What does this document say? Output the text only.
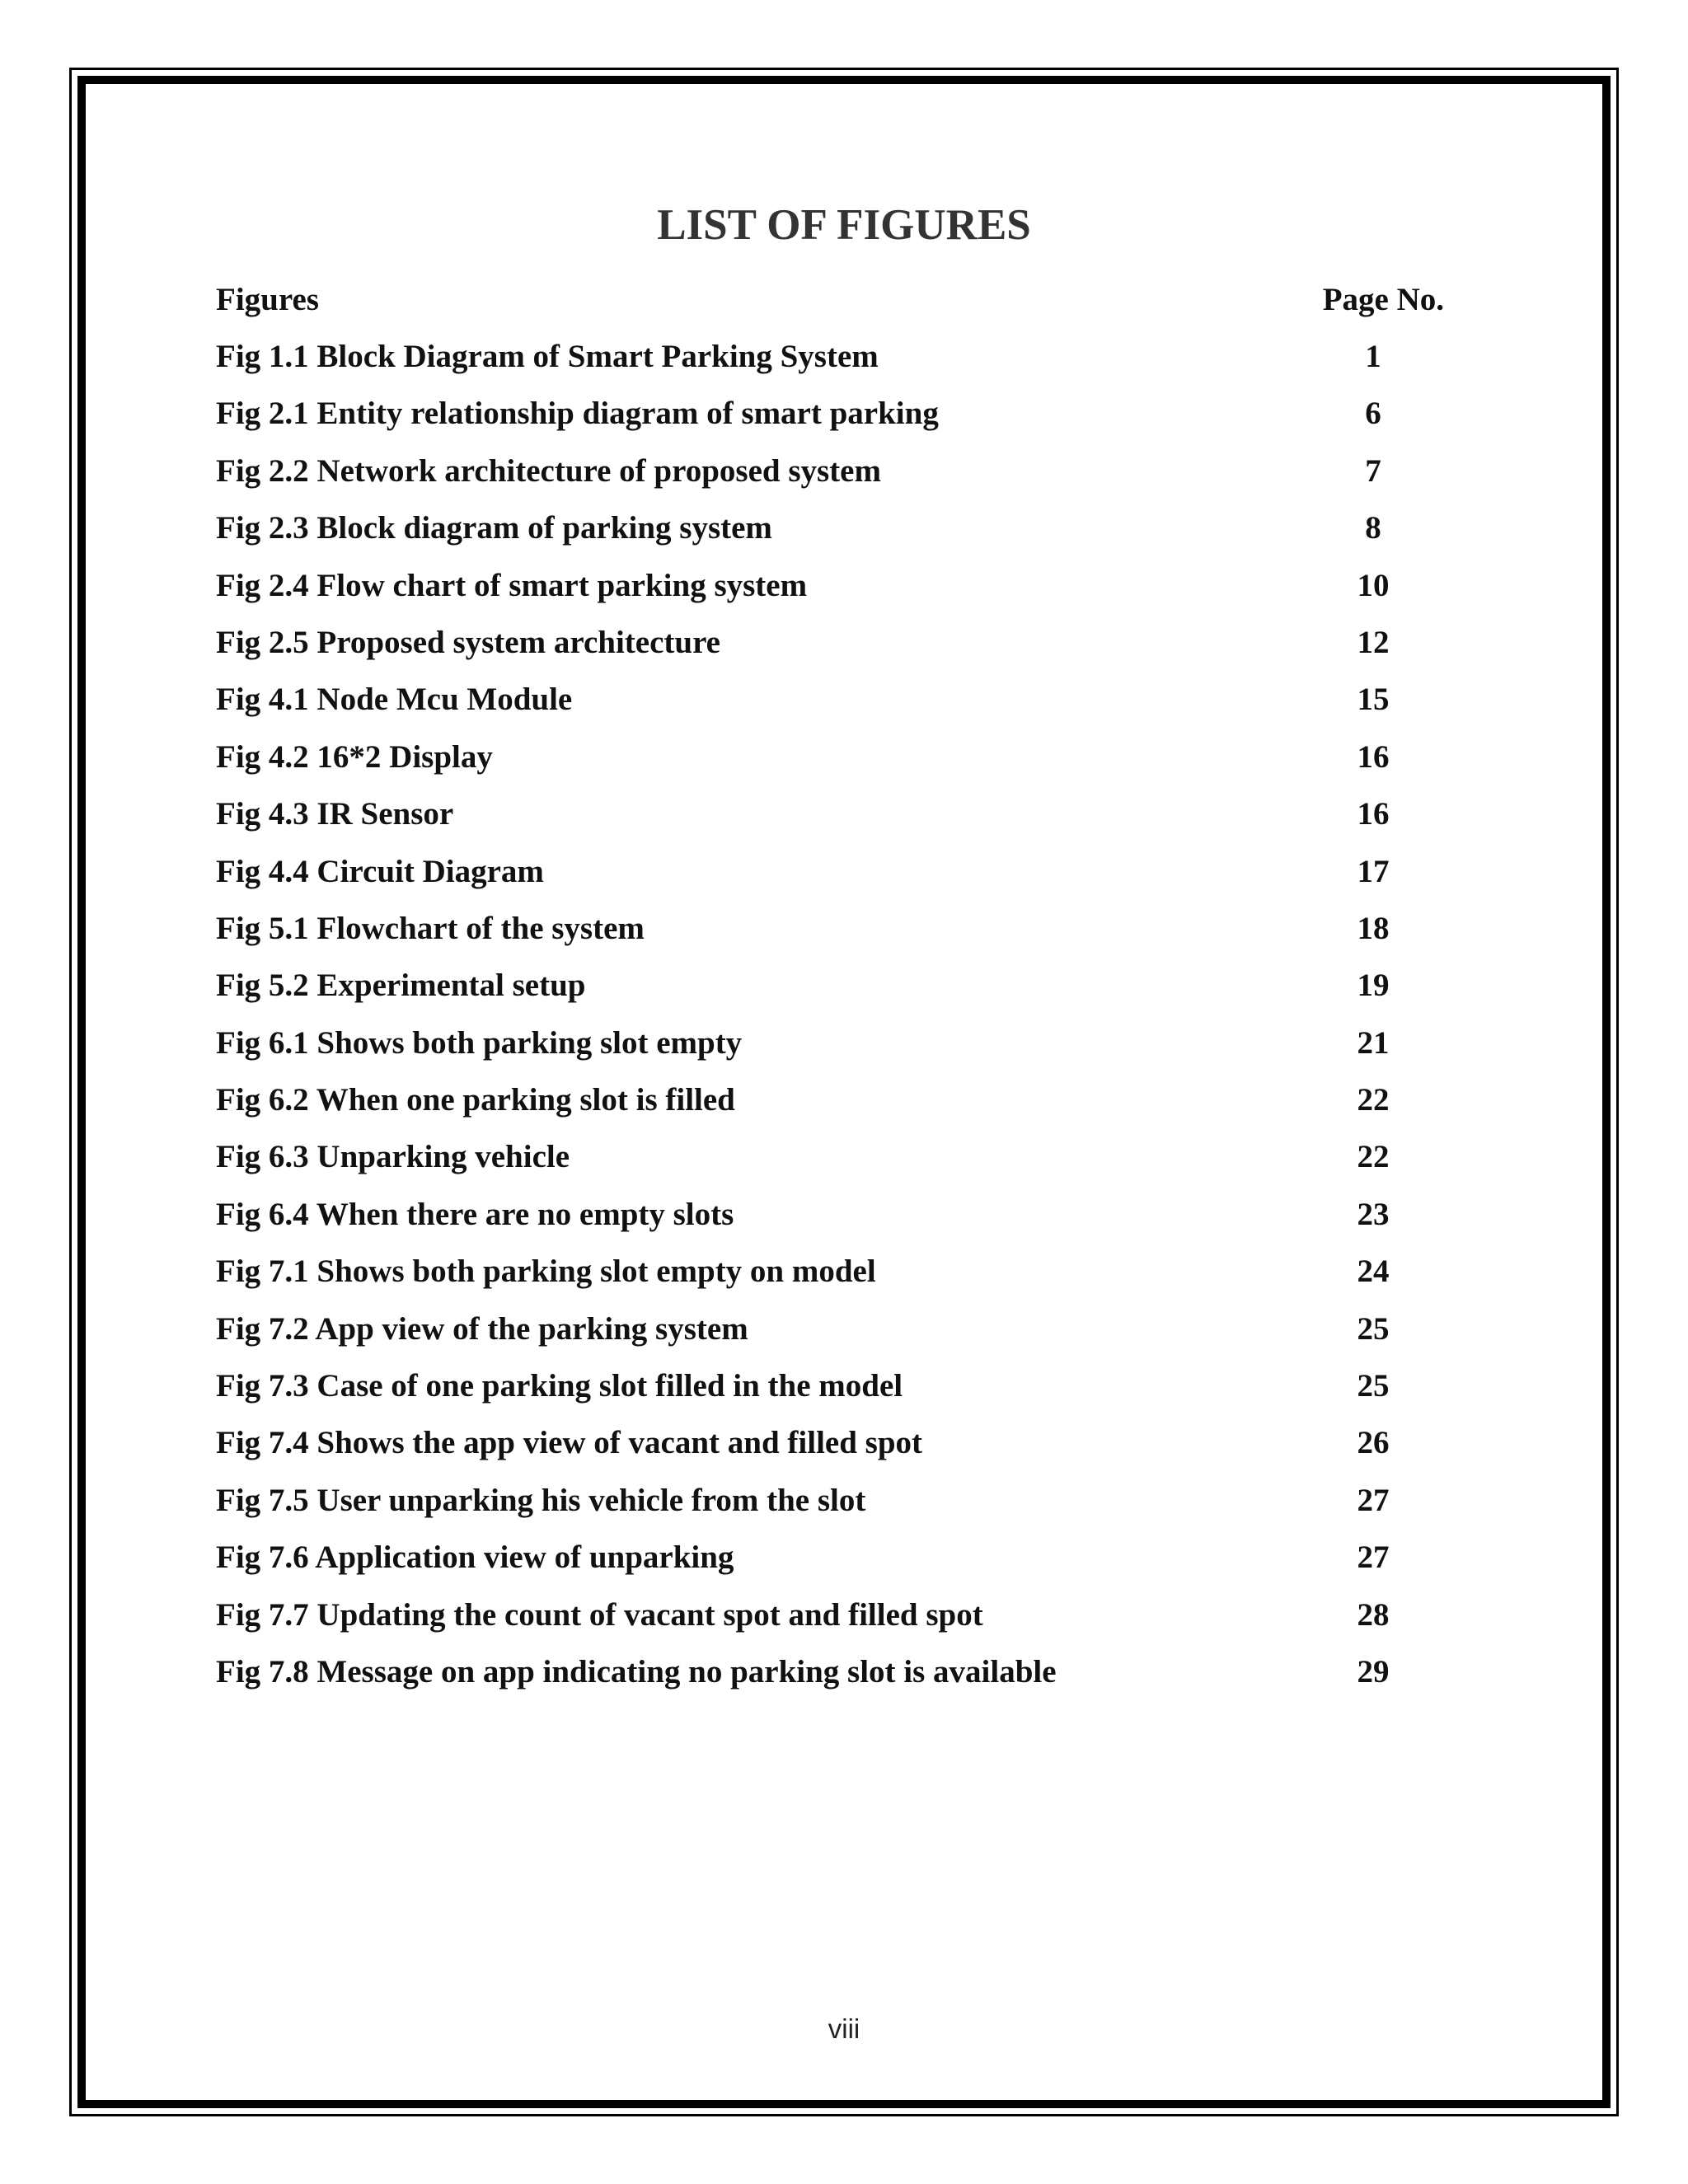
LIST OF FIGURES
Figures	Page No.
Fig 1.1 Block Diagram of Smart Parking System	1
Fig 2.1 Entity relationship diagram of smart parking	6
Fig 2.2 Network architecture of proposed system	7
Fig 2.3 Block diagram of parking system	8
Fig 2.4 Flow chart of smart parking system	10
Fig 2.5 Proposed system architecture	12
Fig 4.1 Node Mcu Module	15
Fig 4.2 16*2 Display	16
Fig 4.3 IR Sensor	16
Fig 4.4 Circuit Diagram	17
Fig 5.1 Flowchart of the system	18
Fig 5.2 Experimental setup	19
Fig 6.1 Shows both parking slot empty	21
Fig 6.2 When one parking slot is filled	22
Fig 6.3 Unparking vehicle	22
Fig 6.4 When there are no empty slots	23
Fig 7.1 Shows both parking slot empty on model	24
Fig 7.2 App view of the parking system	25
Fig 7.3 Case of one parking slot filled in the model	25
Fig 7.4 Shows the app view of vacant and filled spot	26
Fig 7.5 User unparking his vehicle from the slot	27
Fig 7.6 Application view of unparking	27
Fig 7.7 Updating the count of vacant spot and filled spot	28
Fig 7.8 Message on app indicating no parking slot is available	29
viii
